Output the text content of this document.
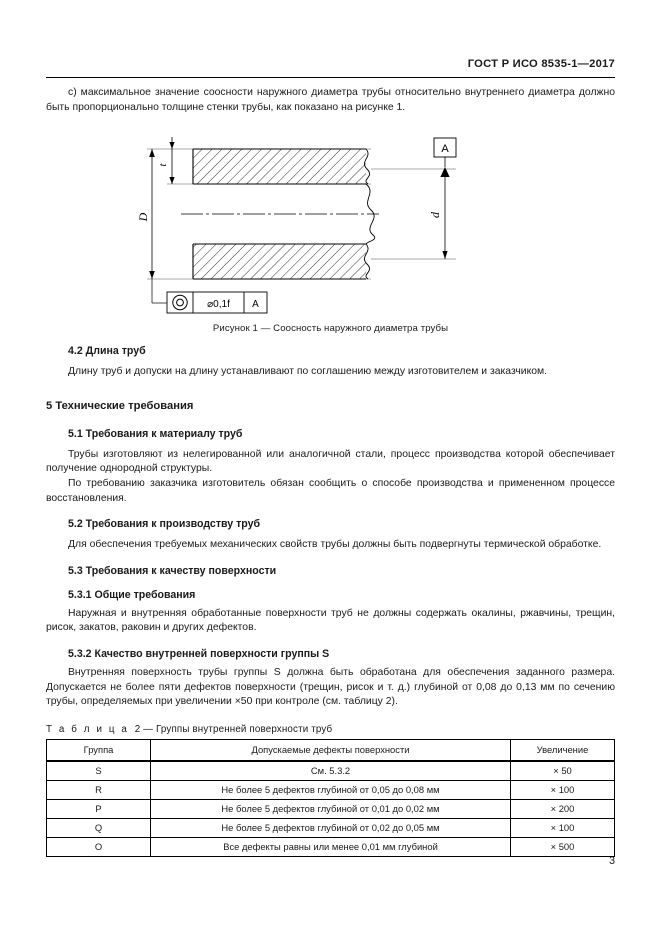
ГОСТ Р ИСО 8535-1—2017

с) максимальное значение соосности наружного диаметра трубы относительно внутреннего диаметра должно быть пропорционально толщине стенки трубы, как показано на рисунке 1.

D
t
d
A
⌀0,1f A
Рисунок 1 — Соосность наружного диаметра трубы
4.2 Длина труб

Длину труб и допуски на длину устанавливают по соглашению между изготовителем и заказчиком.

5 Технические требования
5.1 Требования к материалу труб

Трубы изготовляют из нелегированной или аналогичной стали, процесс производства которой обеспечивает получение однородной структуры.

По требованию заказчика изготовитель обязан сообщить о способе производства и примененном процессе восстановления.

5.2 Требования к производству труб

Для обеспечения требуемых механических свойств трубы должны быть подвергнуты термической обработке.

5.3 Требования к качеству поверхности
5.3.1 Общие требования

Наружная и внутренняя обработанные поверхности труб не должны содержать окалины, ржавчины, трещин, рисок, закатов, раковин и других дефектов.

5.3.2 Качество внутренней поверхности группы S

Внутренняя поверхность трубы группы S должна быть обработана для обеспечения заданного размера. Допускается не более пяти дефектов поверхности (трещин, рисок и т. д.) глубиной от 0,08 до 0,13 мм по сечению трубы, определяемых при увеличении ×50 при контроле (см. таблицу 2).

Т а б л и ц а 2 — Группы внутренней поверхности труб
Группа	Допускаемые дефекты поверхности	Увеличение
S	См. 5.3.2	× 50
R	Не более 5 дефектов глубиной от 0,05 до 0,08 мм	× 100
P	Не более 5 дефектов глубиной от 0,01 до 0,02 мм	× 200
Q	Не более 5 дефектов глубиной от 0,02 до 0,05 мм	× 100
O	Все дефекты равны или менее 0,01 мм глубиной	× 500
3
